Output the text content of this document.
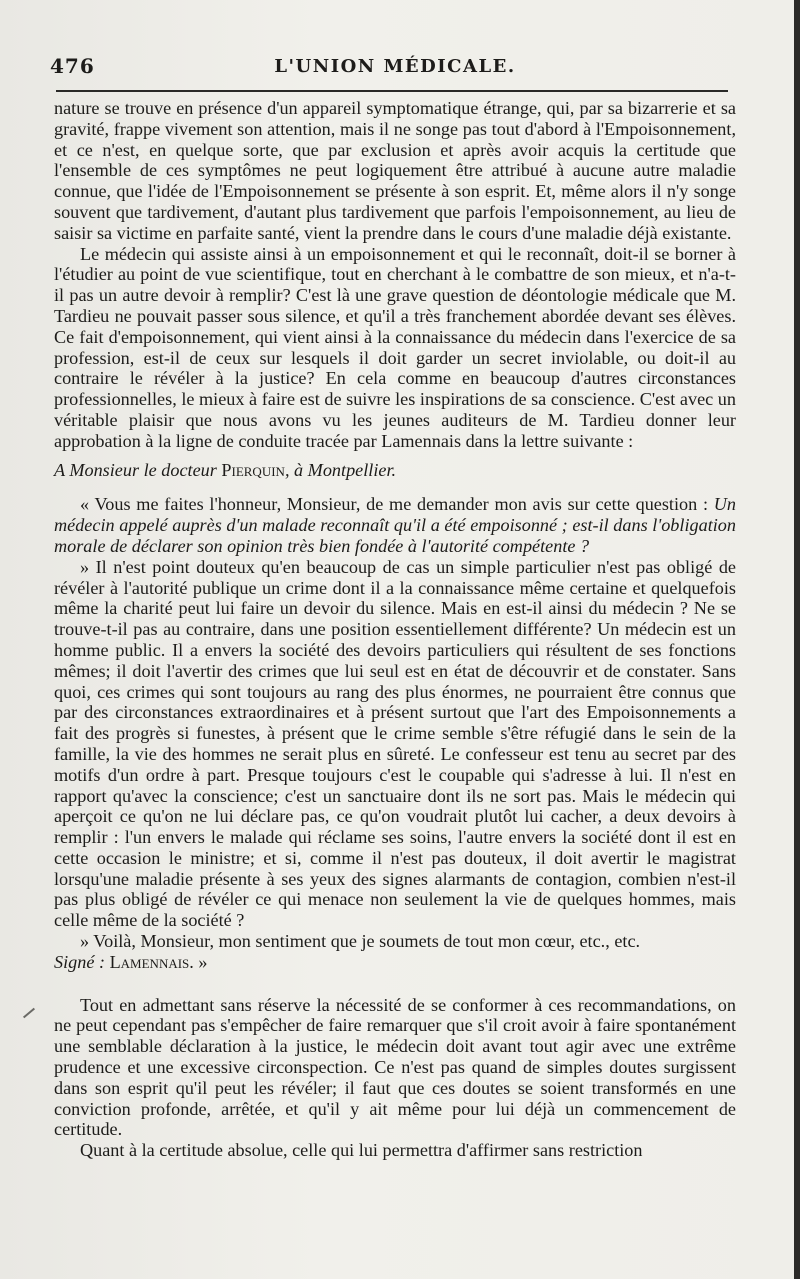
476	L'UNION MÉDICALE.

nature se trouve en présence d'un appareil symptomatique étrange, qui, par sa bizarrerie et sa gravité, frappe vivement son attention, mais il ne songe pas tout d'abord à l'Empoisonnement, et ce n'est, en quelque sorte, que par exclusion et après avoir acquis la certitude que l'ensemble de ces symptômes ne peut logiquement être attribué à aucune autre maladie connue, que l'idée de l'Empoisonnement se présente à son esprit. Et, même alors il n'y songe souvent que tardivement, d'autant plus tardivement que parfois l'empoisonnement, au lieu de saisir sa victime en parfaite santé, vient la prendre dans le cours d'une maladie déjà existante.

Le médecin qui assiste ainsi à un empoisonnement et qui le reconnaît, doit-il se borner à l'étudier au point de vue scientifique, tout en cherchant à le combattre de son mieux, et n'a-t-il pas un autre devoir à remplir? C'est là une grave question de déontologie médicale que M. Tardieu ne pouvait passer sous silence, et qu'il a très franchement abordée devant ses élèves. Ce fait d'empoisonnement, qui vient ainsi à la connaissance du médecin dans l'exercice de sa profession, est-il de ceux sur lesquels il doit garder un secret inviolable, ou doit-il au contraire le révéler à la justice? En cela comme en beaucoup d'autres circonstances professionnelles, le mieux à faire est de suivre les inspirations de sa conscience. C'est avec un véritable plaisir que nous avons vu les jeunes auditeurs de M. Tardieu donner leur approbation à la ligne de conduite tracée par Lamennais dans la lettre suivante :

A Monsieur le docteur Pierquin, à Montpellier.

« Vous me faites l'honneur, Monsieur, de me demander mon avis sur cette question : Un médecin appelé auprès d'un malade reconnaît qu'il a été empoisonné ; est-il dans l'obligation morale de déclarer son opinion très bien fondée à l'autorité compétente ?

» Il n'est point douteux qu'en beaucoup de cas un simple particulier n'est pas obligé de révéler à l'autorité publique un crime dont il a la connaissance même certaine et quelquefois même la charité peut lui faire un devoir du silence. Mais en est-il ainsi du médecin ? Ne se trouve-t-il pas au contraire, dans une position essentiellement différente? Un médecin est un homme public. Il a envers la société des devoirs particuliers qui résultent de ses fonctions mêmes; il doit l'avertir des crimes que lui seul est en état de découvrir et de constater. Sans quoi, ces crimes qui sont toujours au rang des plus énormes, ne pourraient être connus que par des circonstances extraordinaires et à présent surtout que l'art des Empoisonnements a fait des progrès si funestes, à présent que le crime semble s'être réfugié dans le sein de la famille, la vie des hommes ne serait plus en sûreté. Le confesseur est tenu au secret par des motifs d'un ordre à part. Presque toujours c'est le coupable qui s'adresse à lui. Il n'est en rapport qu'avec la conscience; c'est un sanctuaire dont ils ne sort pas. Mais le médecin qui aperçoit ce qu'on ne lui déclare pas, ce qu'on voudrait plutôt lui cacher, a deux devoirs à remplir : l'un envers le malade qui réclame ses soins, l'autre envers la société dont il est en cette occasion le ministre; et si, comme il n'est pas douteux, il doit avertir le magistrat lorsqu'une maladie présente à ses yeux des signes alarmants de contagion, combien n'est-il pas plus obligé de révéler ce qui menace non seulement la vie de quelques hommes, mais celle même de la société ?

» Voilà, Monsieur, mon sentiment que je soumets de tout mon cœur, etc., etc.

Signé : Lamennais. »

Tout en admettant sans réserve la nécessité de se conformer à ces recommandations, on ne peut cependant pas s'empêcher de faire remarquer que s'il croit avoir à faire spontanément une semblable déclaration à la justice, le médecin doit avant tout agir avec une extrême prudence et une excessive circonspection. Ce n'est pas quand de simples doutes surgissent dans son esprit qu'il peut les révéler; il faut que ces doutes se soient transformés en une conviction profonde, arrêtée, et qu'il y ait même pour lui déjà un commencement de certitude.

Quant à la certitude absolue, celle qui lui permettra d'affirmer sans restriction
